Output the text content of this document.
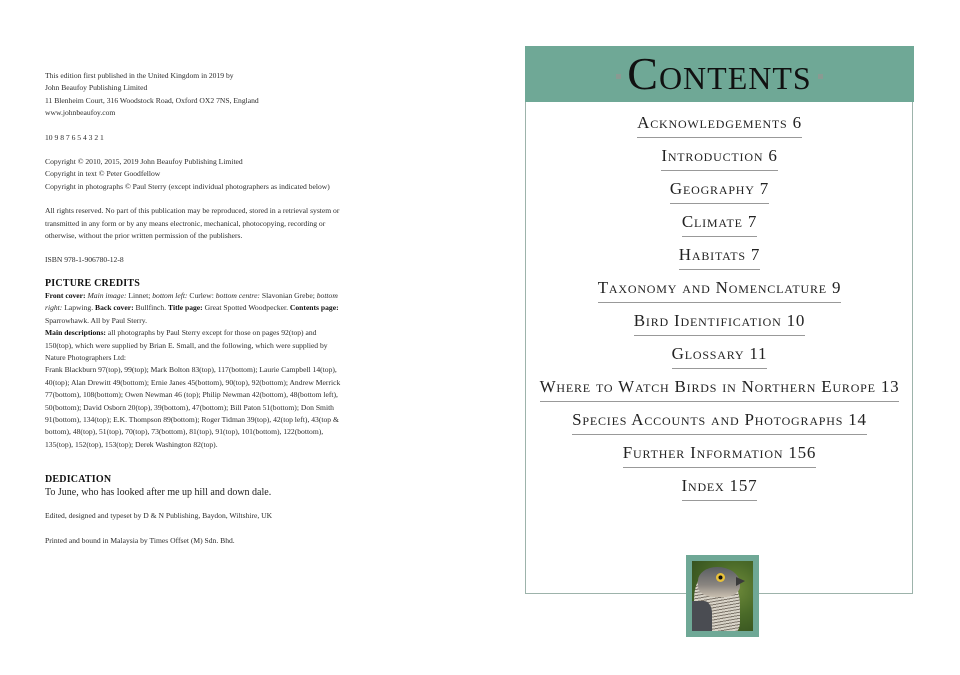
This edition first published in the United Kingdom in 2019 by

John Beaufoy Publishing Limited

11 Blenheim Court, 316 Woodstock Road, Oxford OX2 7NS, England

www.johnbeaufoy.com

10 9 8 7 6 5 4 3 2 1

Copyright © 2010, 2015, 2019 John Beaufoy Publishing Limited

Copyright in text © Peter Goodfellow

Copyright in photographs © Paul Sterry (except individual photographers as indicated below)

All rights reserved. No part of this publication may be reproduced, stored in a retrieval system or transmitted in any form or by any means electronic, mechanical, photocopying, recording or otherwise, without the prior written permission of the publishers.

ISBN 978-1-906780-12-8

PICTURE CREDITS

Front cover: Main image: Linnet; bottom left: Curlew: bottom centre: Slavonian Grebe; bottom right: Lapwing. Back cover: Bullfinch. Title page: Great Spotted Woodpecker. Contents page: Sparrowhawk. All by Paul Sterry.

Main descriptions: all photographs by Paul Sterry except for those on pages 92(top) and 150(top), which were supplied by Brian E. Small, and the following, which were supplied by Nature Photographers Ltd:

Frank Blackburn 97(top), 99(top); Mark Bolton 83(top), 117(bottom); Laurie Campbell 14(top), 40(top); Alan Drewitt 49(bottom); Ernie Janes 45(bottom), 90(top), 92(bottom); Andrew Merrick 77(bottom), 108(bottom); Owen Newman 46 (top); Philip Newman 42(bottom), 48(bottom left), 50(bottom); David Osborn 20(top), 39(bottom), 47(bottom); Bill Paton 51(bottom); Don Smith 91(bottom), 134(top); E.K. Thompson 89(bottom); Roger Tidman 39(top), 42(top left), 43(top & bottom), 48(top), 51(top), 70(top), 73(bottom), 81(top), 91(top), 101(bottom), 122(bottom), 135(top), 152(top), 153(top); Derek Washington 82(top).

DEDICATION

To June, who has looked after me up hill and down dale.

Edited, designed and typeset by D & N Publishing, Baydon, Wiltshire, UK

Printed and bound in Malaysia by Times Offset (M) Sdn. Bhd.

Contents
Acknowledgements 6
Introduction 6
Geography 7
Climate 7
Habitats 7
Taxonomy and Nomenclature 9
Bird Identification 10
Glossary 11
Where to Watch Birds in Northern Europe 13
Species Accounts and Photographs 14
Further Information 156
Index 157
